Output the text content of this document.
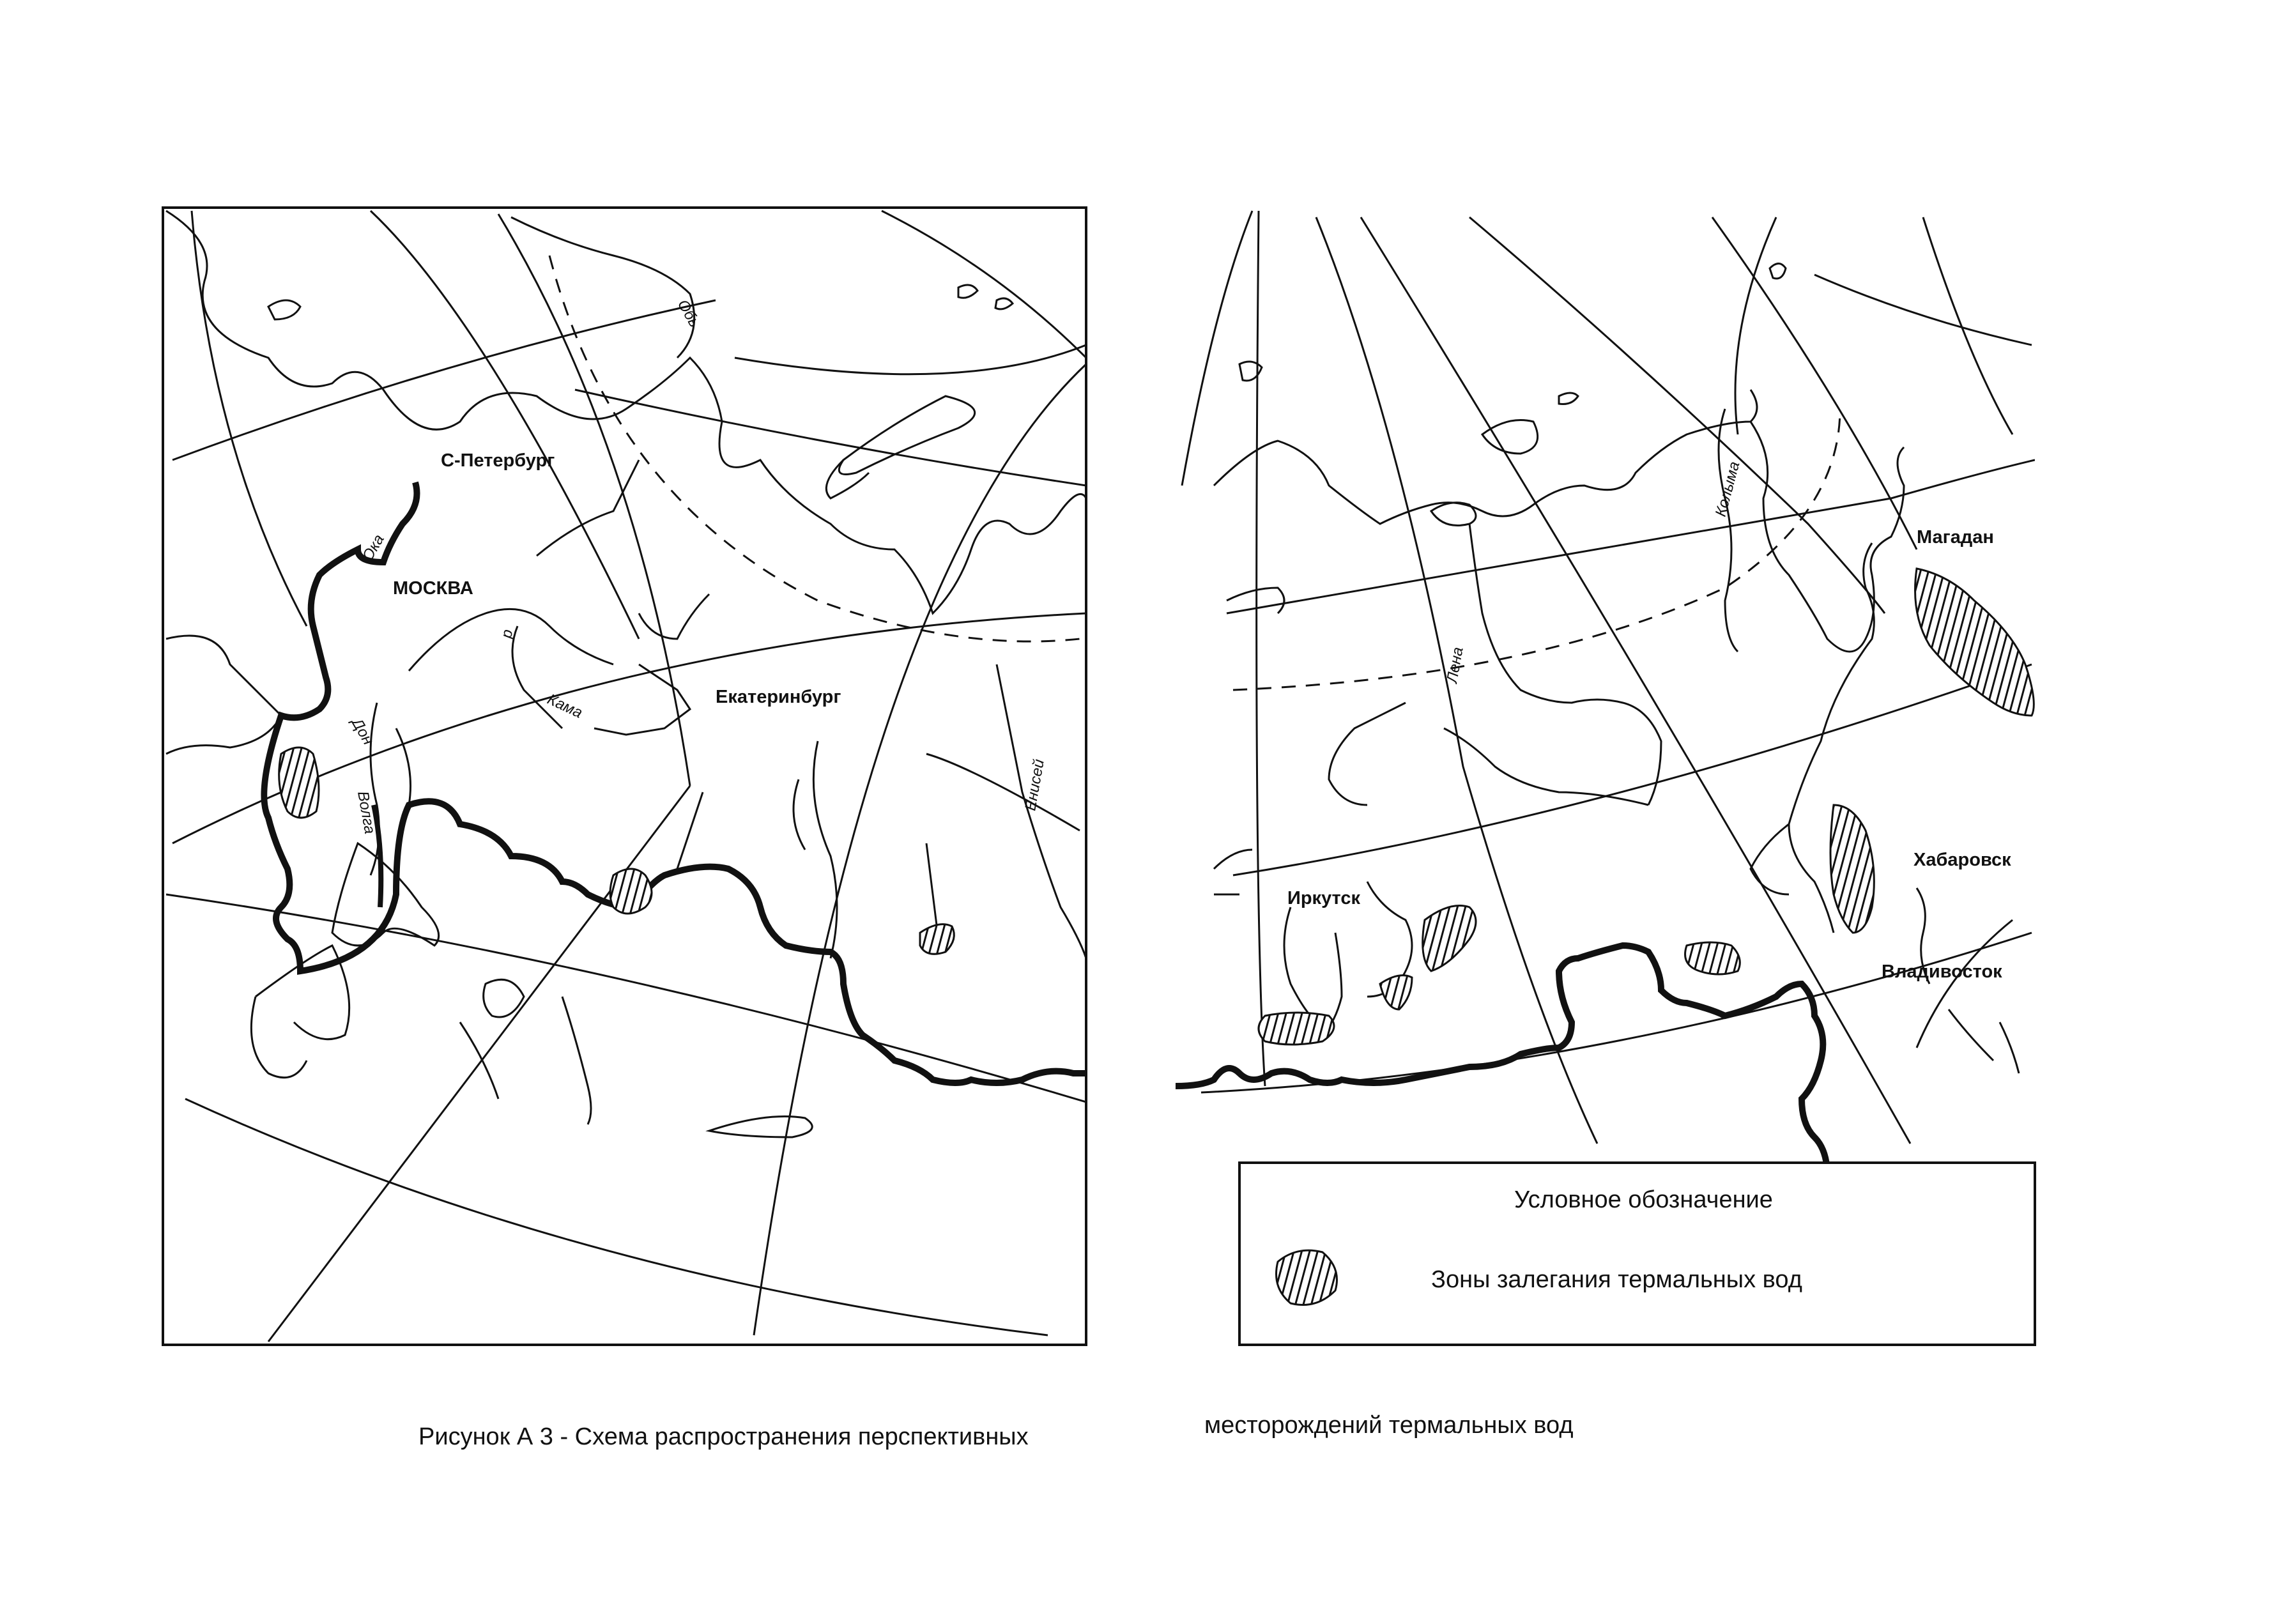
С-Петербург
МОСКВА
Екатеринбург
Обь
Кама
р
Волга
Дон
Ока
Енисей
Условное обозначение
Зоны залегания термальных вод
Магадан
Хабаровск
Владивосток
Иркутск
Лена
Колыма
Рисунок А 3 - Схема распространения перспективных	месторождений термальных вод
